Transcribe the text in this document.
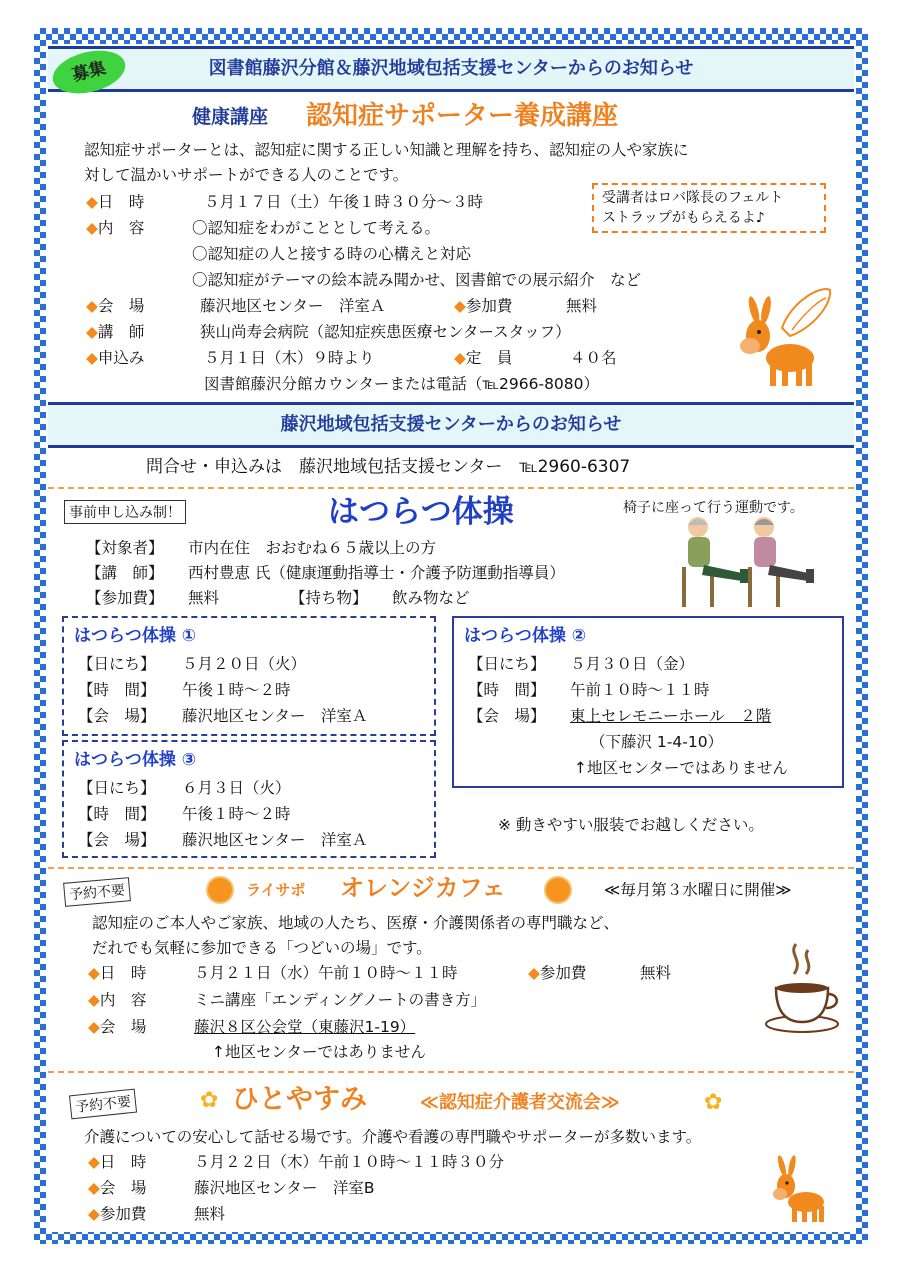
図書館藤沢分館＆藤沢地域包括支援センターからのお知らせ
募集
健康講座 認知症サポーター養成講座
認知症サポーターとは、認知症に関する正しい知識と理解を持ち、認知症の人や家族に
対して温かいサポートができる人のことです。
◆日　時	５月１７日（土）午後１時３０分～３時
◆内　容	〇認知症をわがこととして考える。
〇認知症の人と接する時の心構えと対応
〇認知症がテーマの絵本読み聞かせ、図書館での展示紹介　など
◆会　場	藤沢地区センター　洋室Ａ	◆参加費	無料
◆講　師	狭山尚寿会病院（認知症疾患医療センタースタッフ）
◆申込み	５月１日（木）９時より	◆定　員	４０名
図書館藤沢分館カウンターまたは電話（℡2966-8080）
受講者はロバ隊長のフェルト
ストラップがもらえるよ♪
藤沢地域包括支援センターからのお知らせ
問合せ・申込みは　藤沢地域包括支援センター　℡2960-6307
事前申し込み制！	はつらつ体操	椅子に座って行う運動です。
【対象者】 市内在住　おおむね６５歳以上の方
【講　師】 西村豊恵 氏（健康運動指導士・介護予防運動指導員）
【参加費】 無料	【持ち物】 飲み物など
はつらつ体操 ①
【日にち】 ５月２０日（火）
【時　間】 午後１時～２時
【会　場】 藤沢地区センター　洋室Ａ
はつらつ体操 ②
【日にち】 ５月３０日（金）
【時　間】 午前１０時～１１時
【会　場】 東上セレモニーホール　２階
（下藤沢 1-4-10）
↑地区センターではありません
はつらつ体操 ③
【日にち】 ６月３日（火）
【時　間】 午後１時～２時
【会　場】 藤沢地区センター　洋室Ａ
※ 動きやすい服装でお越しください。
予約不要	ライサポ オレンジカフェ	≪毎月第３水曜日に開催≫
認知症のご本人やご家族、地域の人たち、医療・介護関係者の専門職など、
だれでも気軽に参加できる「つどいの場」です。
◆日　時	５月２１日（水）午前１０時～１１時	◆参加費	無料
◆内　容	ミニ講座「エンディングノートの書き方」
◆会　場	藤沢８区公会堂（東藤沢1-19）
↑地区センターではありません
予約不要	✿ ひとやすみ	≪認知症介護者交流会≫	✿
介護についての安心して話せる場です。介護や看護の専門職やサポーターが多数います。
◆日　時	５月２２日（木）午前１０時～１１時３０分
◆会　場	藤沢地区センター　洋室B
◆参加費	無料
